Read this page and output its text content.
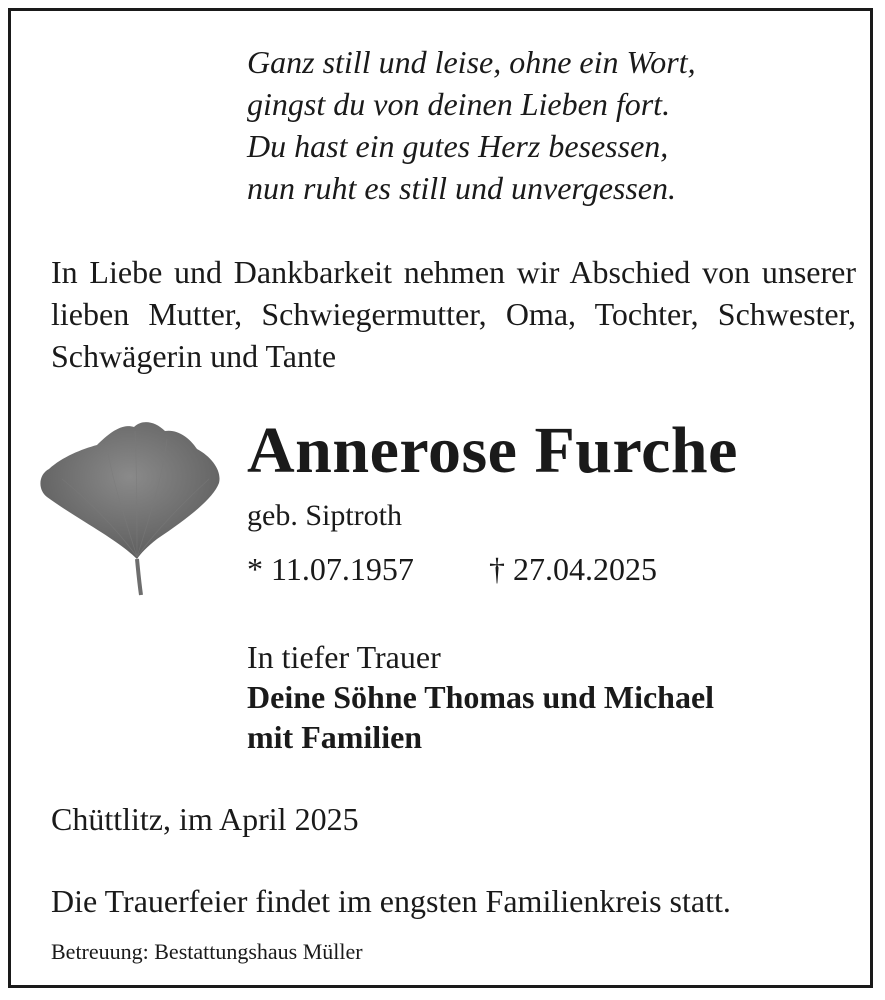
Ganz still und leise, ohne ein Wort,
gingst du von deinen Lieben fort.
Du hast ein gutes Herz besessen,
nun ruht es still und unvergessen.
In Liebe und Dankbarkeit nehmen wir Abschied von unserer lieben Mutter, Schwiegermutter, Oma, Tochter, Schwester, Schwägerin und Tante
Annerose Furche
geb. Siptroth
* 11.07.1957 † 27.04.2025
In tiefer Trauer
Deine Söhne Thomas und Michael
mit Familien
Chüttlitz, im April 2025
Die Trauerfeier findet im engsten Familienkreis statt.
Betreuung: Bestattungshaus Müller
